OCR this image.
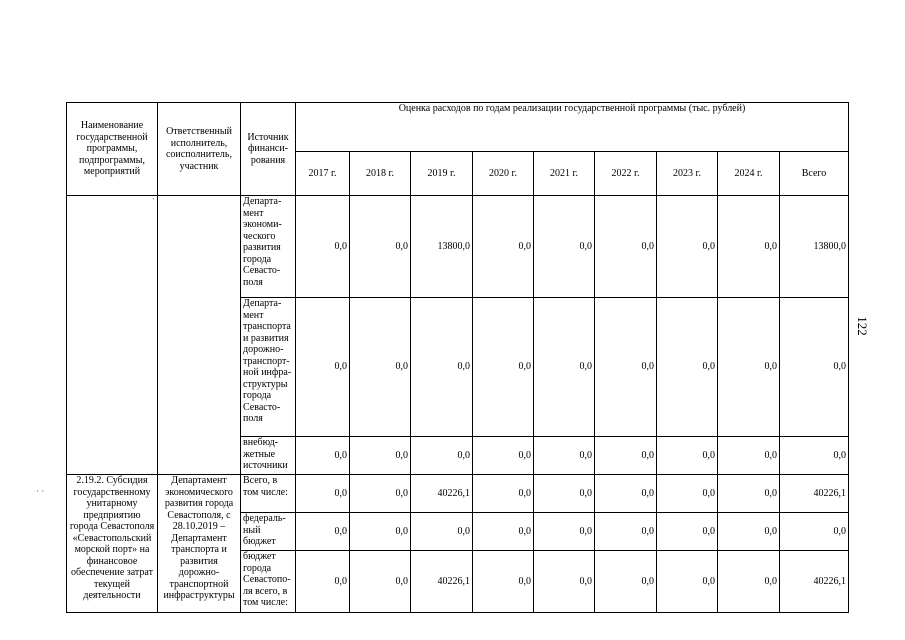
122
· ·
`
Наименование государственной программы, подпрограммы, мероприятий	Ответственный исполнитель, соисполнитель, участник	Источник финанси-рования	Оценка расходов по годам реализации государственной программы (тыс. рублей)								
			2017 г.	2018 г.	2019 г.	2020 г.	2021 г.	2022 г.	2023 г.	2024 г.	Всего
		Департа-мент экономи-ческого развития города Севасто-поля	0,0	0,0	13800,0	0,0	0,0	0,0	0,0	0,0	13800,0
		Департа-мент транспорта и развития дорожно-транспорт-ной инфра-структуры города Севасто-поля	0,0	0,0	0,0	0,0	0,0	0,0	0,0	0,0	0,0
		внебюд-жетные источники	0,0	0,0	0,0	0,0	0,0	0,0	0,0	0,0	0,0
2.19.2. Субсидия государственному унитарному предприятию города Севастополя «Севастопольский морской порт» на финансовое обеспечение затрат текущей деятельности	Департамент экономического развития города Севастополя, с 28.10.2019 – Департамент транспорта и развития дорожно-транспортной инфраструктуры	Всего, в том числе:	0,0	0,0	40226,1	0,0	0,0	0,0	0,0	0,0	40226,1
		федераль-ный бюджет	0,0	0,0	0,0	0,0	0,0	0,0	0,0	0,0	0,0
		бюджет города Севастопо-ля всего, в том числе:	0,0	0,0	40226,1	0,0	0,0	0,0	0,0	0,0	40226,1
